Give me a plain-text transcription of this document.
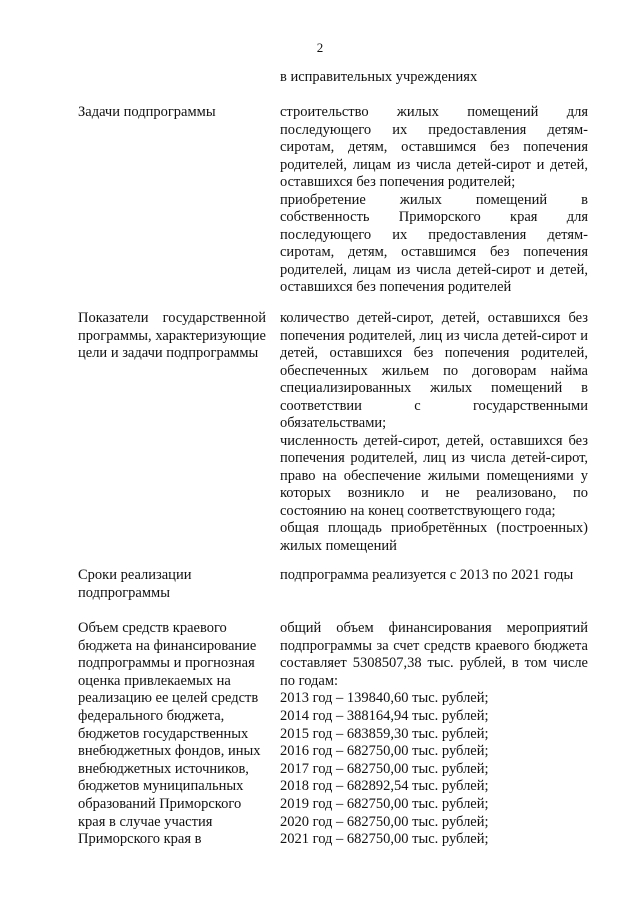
2
в исправительных учреждениях
Задачи подпрограммы	строительство жилых помещений для последующего их предоставления детям-сиротам, детям, оставшимся без попечения родителей, лицам из числа детей-сирот и детей, оставшихся без попечения родителей;

приобретение жилых помещений в собственность Приморского края для последующего их предоставления детям-сиротам, детям, оставшимся без попечения родителей, лицам из числа детей-сирот и детей, оставшихся без попечения родителей

Показатели государственной программы, характеризующие цели и задачи подпрограммы

количество детей-сирот, детей, оставшихся без попечения родителей, лиц из числа детей-сирот и детей, оставшихся без попечения родителей, обеспеченных жильем по договорам найма специализированных жилых помещений в соответствии с государственными обязательствами;

численность детей-сирот, детей, оставшихся без попечения родителей, лиц из числа детей-сирот, право на обеспечение жилыми помещениями у которых возникло и не реализовано, по состоянию на конец соответствующего года;

общая площадь приобретённых (построенных) жилых помещений

Сроки реализации подпрограммы

подпрограмма реализуется с 2013 по 2021 годы

Объем средств краевого
бюджета на финансирование
подпрограммы и прогнозная
оценка привлекаемых на
реализацию ее целей средств
федерального бюджета,
бюджетов государственных
внебюджетных фондов, иных
внебюджетных источников,
бюджетов муниципальных
образований Приморского
края в случае участия
Приморского края в

общий объем финансирования мероприятий подпрограммы за счет средств краевого бюджета составляет 5308507,38 тыс. рублей, в том числе по годам:

2013 год – 139840,60 тыс. рублей;
2014 год – 388164,94 тыс. рублей;
2015 год – 683859,30 тыс. рублей;
2016 год – 682750,00 тыс. рублей;
2017 год – 682750,00 тыс. рублей;
2018 год – 682892,54 тыс. рублей;
2019 год – 682750,00 тыс. рублей;
2020 год – 682750,00 тыс. рублей;
2021 год – 682750,00 тыс. рублей;
